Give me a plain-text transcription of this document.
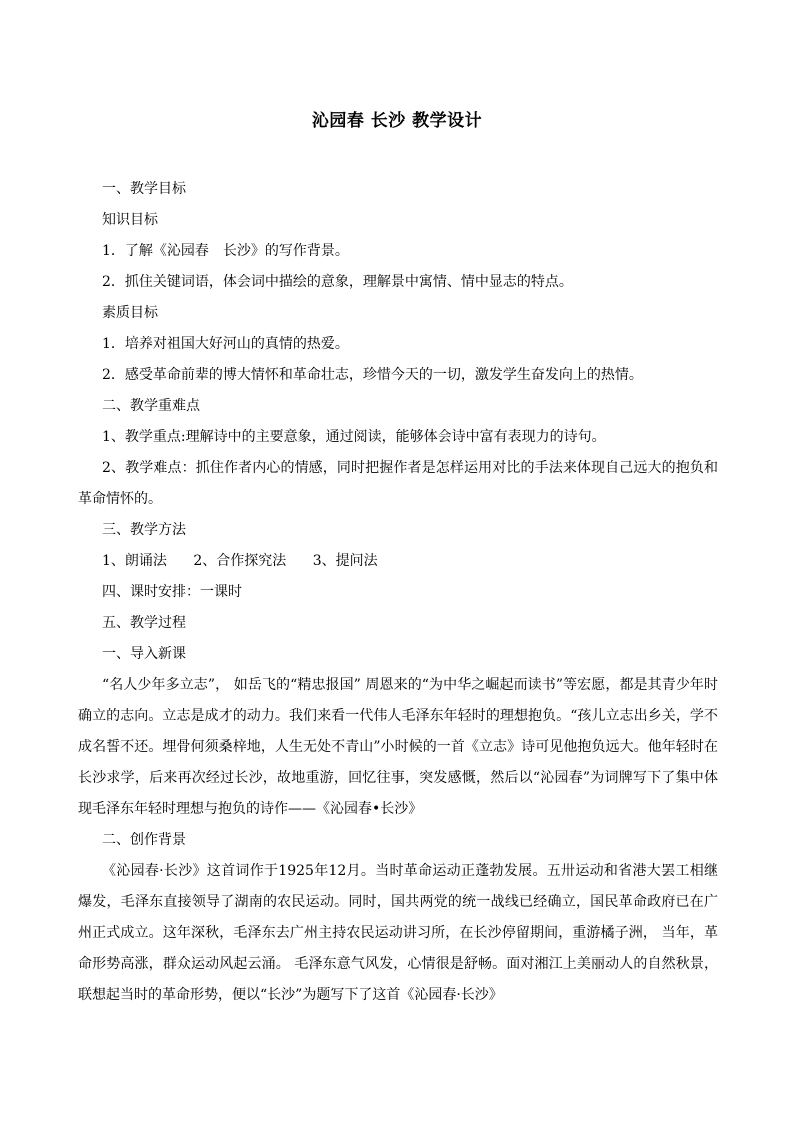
沁园春 长沙 教学设计
一、教学目标
知识目标
1．了解《沁园春　长沙》的写作背景。
2．抓住关键词语，体会词中描绘的意象，理解景中寓情、情中显志的特点。
素质目标
1．培养对祖国大好河山的真情的热爱。
2．感受革命前辈的博大情怀和革命壮志，珍惜今天的一切，激发学生奋发向上的热情。
二、教学重难点
1、教学重点:理解诗中的主要意象，通过阅读，能够体会诗中富有表现力的诗句。
2、教学难点：抓住作者内心的情感，同时把握作者是怎样运用对比的手法来体现自己远大的抱负和革命情怀的。
三、教学方法
1、朗诵法 2、合作探究法 3、提问法
四、课时安排：一课时
五、教学过程
一、导入新课
“名人少年多立志”， 如岳飞的“精忠报国” 周恩来的“为中华之崛起而读书”等宏愿，都是其青少年时确立的志向。立志是成才的动力。我们来看一代伟人毛泽东年轻时的理想抱负。“孩儿立志出乡关，学不成名誓不还。埋骨何须桑梓地，人生无处不青山”小时候的一首《立志》诗可见他抱负远大。他年轻时在长沙求学，后来再次经过长沙，故地重游，回忆往事，突发感慨，然后以“沁园春”为词牌写下了集中体现毛泽东年轻时理想与抱负的诗作——《沁园春•长沙》
二、创作背景
《沁园春·长沙》这首词作于1925年12月。当时革命运动正蓬勃发展。五卅运动和省港大罢工相继爆发，毛泽东直接领导了湖南的农民运动。同时，国共两党的统一战线已经确立，国民革命政府已在广州正式成立。这年深秋，毛泽东去广州主持农民运动讲习所，在长沙停留期间，重游橘子洲， 当年，革命形势高涨，群众运动风起云涌。 毛泽东意气风发，心情很是舒畅。面对湘江上美丽动人的自然秋景，联想起当时的革命形势，便以“长沙”为题写下了这首《沁园春·长沙》
